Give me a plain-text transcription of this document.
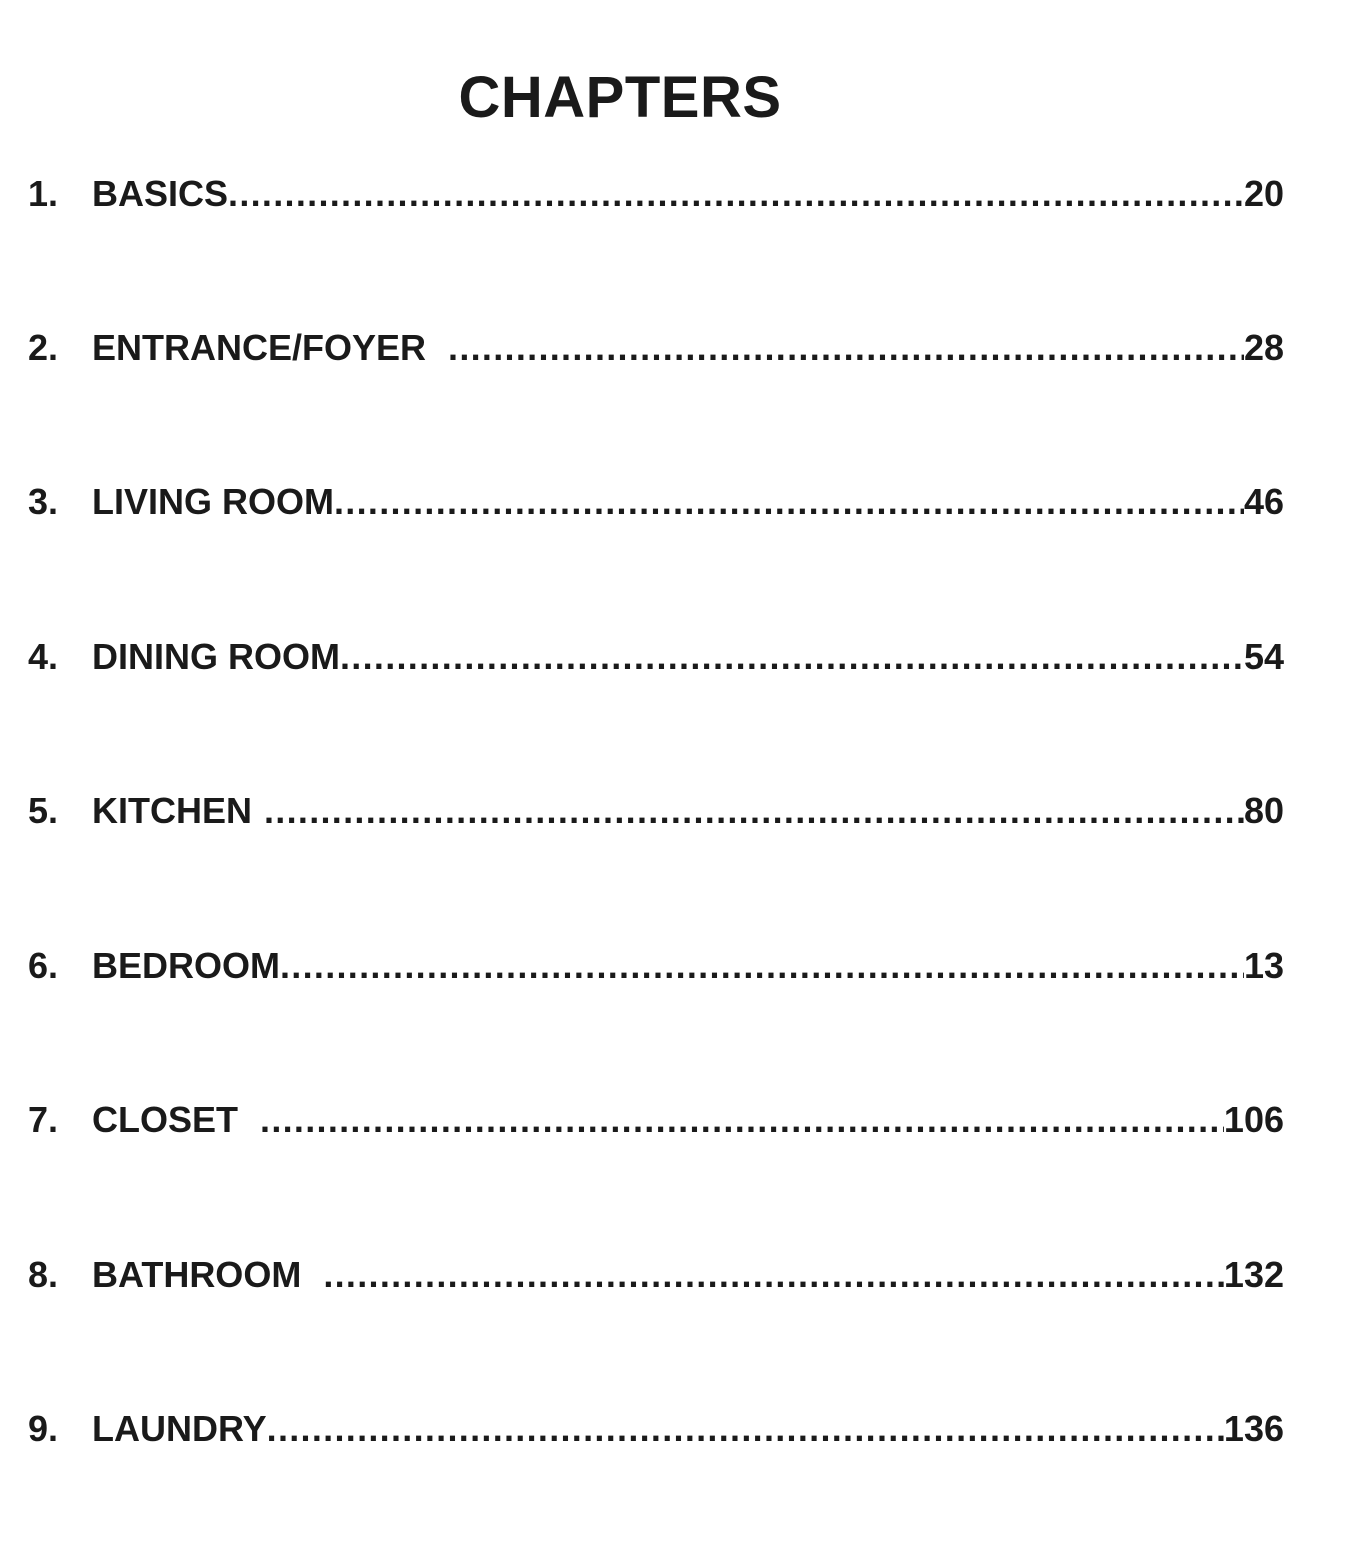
CHAPTERS
1. BASICS .....	20
2. ENTRANCE/FOYER .....	28
3. LIVING ROOM .....	46
4. DINING ROOM .....	54
5. KITCHEN .....	80
6. BEDROOM .....	13
7. CLOSET .....	106
8. BATHROOM .....	132
9. LAUNDRY .....	136
